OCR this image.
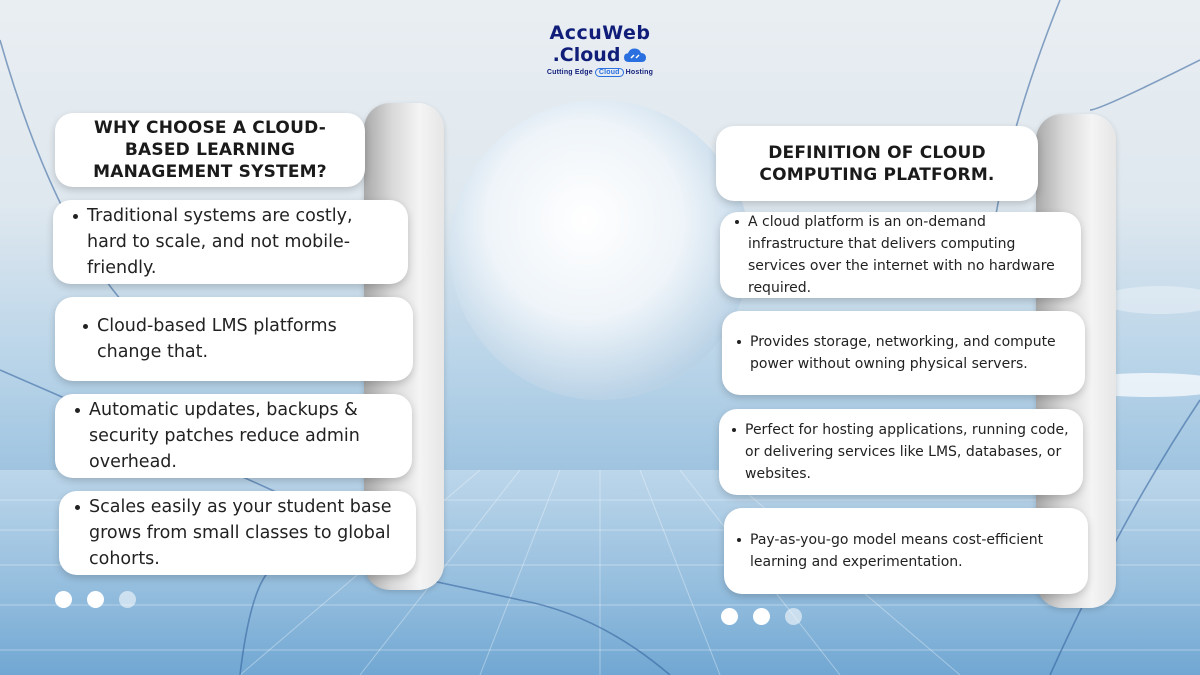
AccuWeb
.Cloud
Cutting Edge Cloud Hosting
WHY CHOOSE A CLOUD-BASED LEARNING MANAGEMENT SYSTEM?
Traditional systems are costly, hard to scale, and not mobile-friendly.
Cloud-based LMS platforms change that.
Automatic updates, backups & security patches reduce admin overhead.
Scales easily as your student base grows from small classes to global cohorts.
DEFINITION OF CLOUD COMPUTING PLATFORM.
A cloud platform is an on-demand infrastructure that delivers computing services over the internet with no hardware required.
Provides storage, networking, and compute power without owning physical servers.
Perfect for hosting applications, running code, or delivering services like LMS, databases, or websites.
Pay-as-you-go model means cost-efficient learning and experimentation.
